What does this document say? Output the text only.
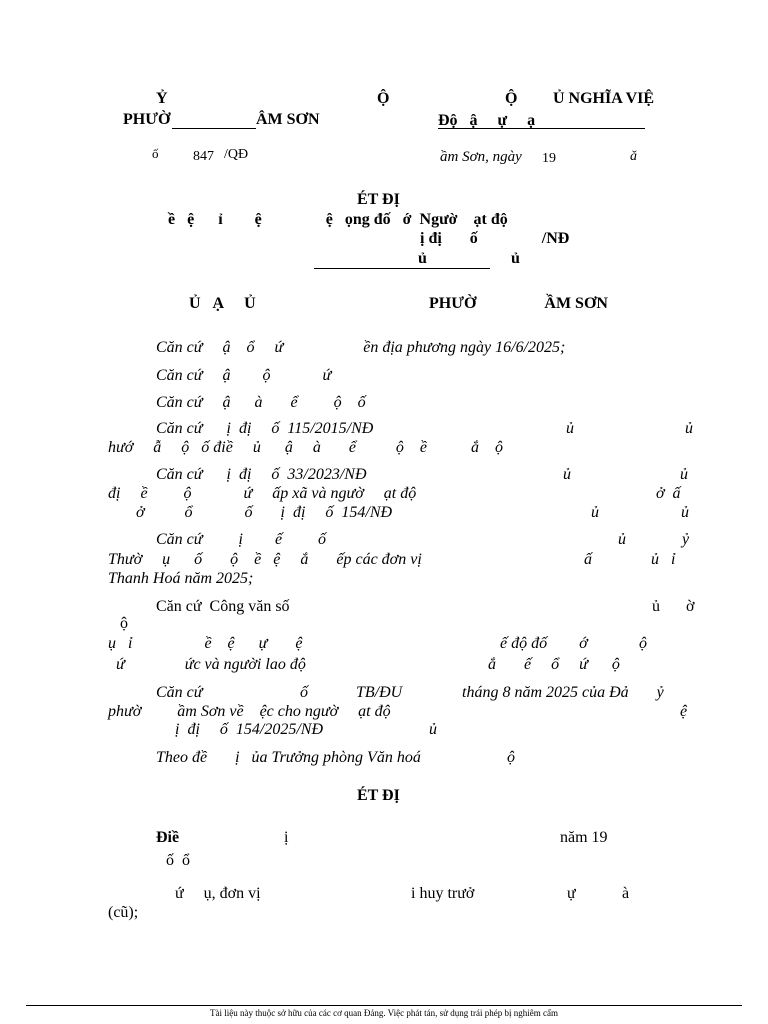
Ỷ
PHƯỜ	ÂM SƠN
Ộ	Ộ Ủ NGHĨA VIỆ
Độ   ậ     ự     ạ
ố 847 /QĐ	ầm Sơn, ngày 19	ă
ÉT ĐỊ
ề   ệ      ỉ        ệ                ệ   ọng đố   ớ  Ngườ    ạt độ
ị đị       ố                /NĐ
ủ	ủ
Ủ   Ạ     Ủ	PHƯỜ                 ẦM SƠN
Căn cứ     ậ    ổ     ứ                    ền địa phương ngày 16/6/2025;
Căn cứ     ậ        ộ             ứ
Căn cứ     ậ      à       ể         ộ    ố
Căn cứ      ị  đị     ố  115/2015/NĐ	ủ	ủ
hướ     ẫ     ộ   ố điề     ủ      ậ     à       ể          ộ    ề           ắ    ộ
Căn cứ      ị  đị     ố  33/2023/NĐ	ủ	ủ
đị     ề         ộ             ứ     ấp xã và ngườ     ạt độ	ở  ấ
ở          ổ             ố       ị  đị     ố  154/NĐ	ủ	ủ
Căn cứ         ị        ế         ố	ủ	ỷ
Thườ     ụ      ố       ộ    ề   ệ     ắ       ếp các đơn vị	ấ	ủ   ỉ
Thanh Hoá năm 2025;
Căn cứ  Công văn số	ủ ờ
ộ
ụ   ỉ                  ề    ệ      ự       ệ	ế độ đố        ớ	ộ
ứ               ức và người lao độ	ắ       ế     ổ     ứ      ộ
Căn cứ	ố            TB/ĐU	tháng 8 năm 2025 của Đả       ỷ
phườ         ầm Sơn về    ệc cho ngườ     ạt độ	ệ
ị  đị     ố  154/2025/NĐ	ủ
Theo đề       ị   ủa Trưởng phòng Văn hoá	ộ
ÉT ĐỊ
Điề	ị	năm 19
ố  ổ
ứ     ụ, đơn vị	i huy trưở	ự	à
(cũ);
Tài liệu này thuộc sở hữu của các cơ quan Đảng. Việc phát tán, sử dụng trái phép bị nghiêm cấm
